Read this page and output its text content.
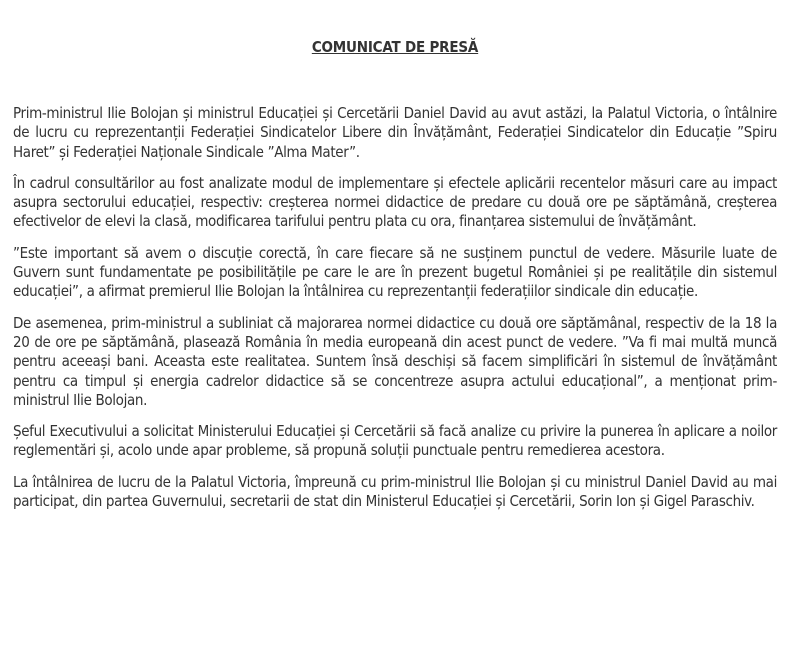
COMUNICAT DE PRESĂ

Prim-ministrul Ilie Bolojan și ministrul Educației și Cercetării Daniel David au avut astăzi, la Palatul Victoria, o întâlnire de lucru cu reprezentanții Federației Sindicatelor Libere din Învățământ, Federației Sindicatelor din Educație ”Spiru Haret” și Federației Naționale Sindicale ”Alma Mater”.

În cadrul consultărilor au fost analizate modul de implementare și efectele aplicării recentelor măsuri care au impact asupra sectorului educației, respectiv: creșterea normei didactice de predare cu două ore pe săptămână, creșterea efectivelor de elevi la clasă, modificarea tarifului pentru plata cu ora, finanțarea sistemului de învățământ.

”Este important să avem o discuție corectă, în care fiecare să ne susținem punctul de vedere. Măsurile luate de Guvern sunt fundamentate pe posibilitățile pe care le are în prezent bugetul României și pe realitățile din sistemul educației”, a afirmat premierul Ilie Bolojan la întâlnirea cu reprezentanții federațiilor sindicale din educație.

De asemenea, prim-ministrul a subliniat că majorarea normei didactice cu două ore săptămânal, respectiv de la 18 la 20 de ore pe săptămână, plasează România în media europeană din acest punct de vedere. ”Va fi mai multă muncă pentru aceeași bani. Aceasta este realitatea. Suntem însă deschiși să facem simplificări în sistemul de învățământ pentru ca timpul și energia cadrelor didactice să se concentreze asupra actului educațional”, a menționat prim-ministrul Ilie Bolojan.

Șeful Executivului a solicitat Ministerului Educației și Cercetării să facă analize cu privire la punerea în aplicare a noilor reglementări și, acolo unde apar probleme, să propună soluții punctuale pentru remedierea acestora.

La întâlnirea de lucru de la Palatul Victoria, împreună cu prim-ministrul Ilie Bolojan și cu ministrul Daniel David au mai participat, din partea Guvernului, secretarii de stat din Ministerul Educației și Cercetării, Sorin Ion și Gigel Paraschiv.
